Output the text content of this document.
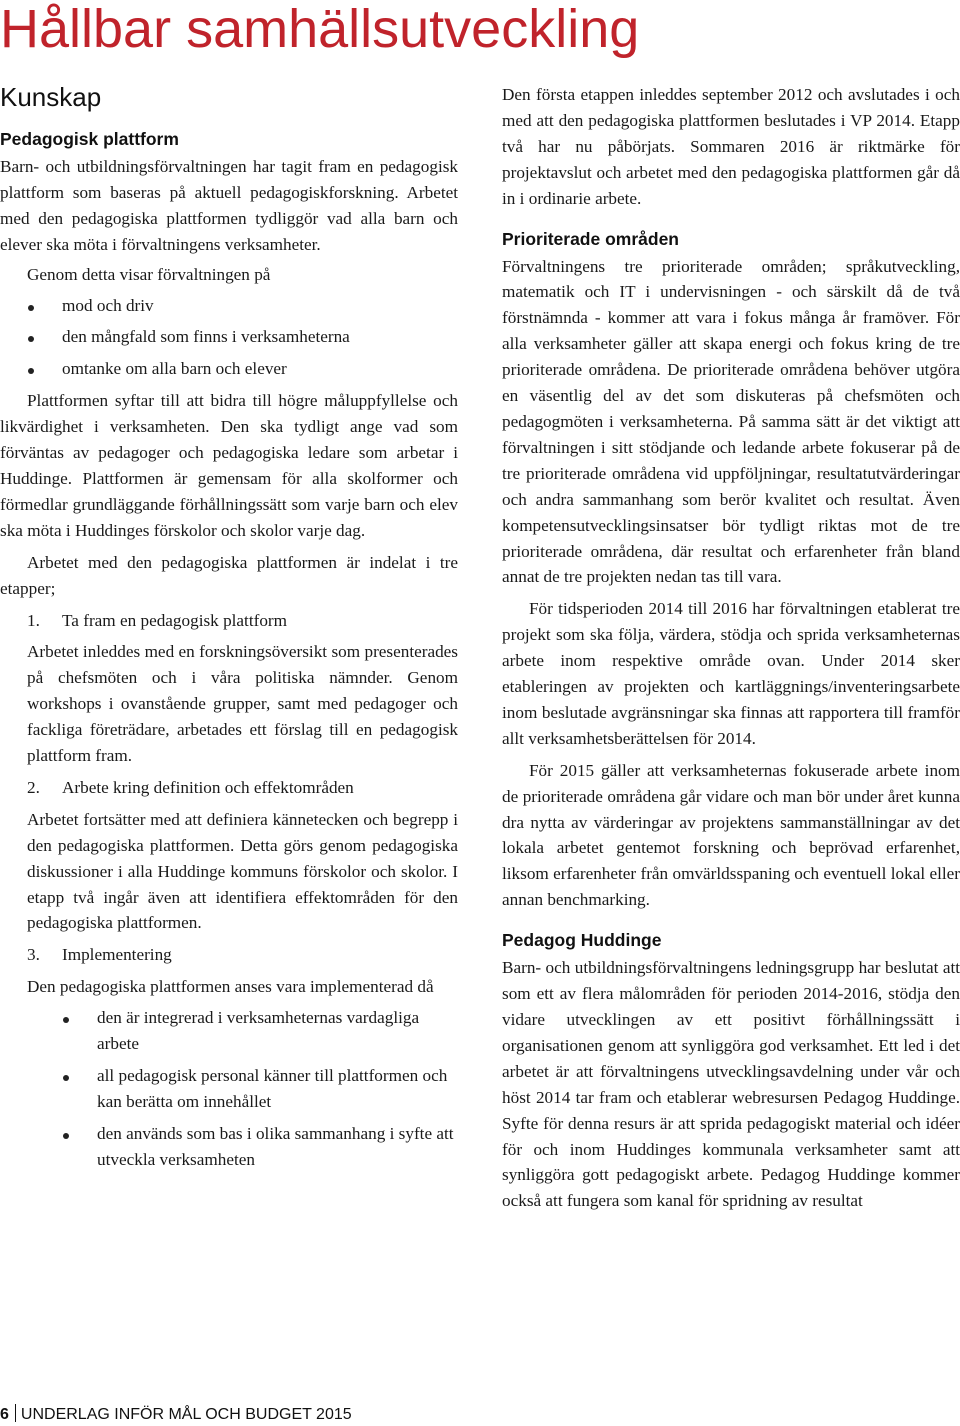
Hållbar samhällsutveckling
Kunskap
Pedagogisk plattform

Barn- och utbildningsförvaltningen har tagit fram en pedagogisk plattform som baseras på aktuell pedagogiskforskning. Arbetet med den pedagogiska plattformen tydliggör vad alla barn och elever ska möta i förvaltningens verksamheter.

Genom detta visar förvaltningen på

mod och driv
den mångfald som finns i verksamheterna
omtanke om alla barn och elever

Plattformen syftar till att bidra till högre måluppfyllelse och likvärdighet i verksamheten. Den ska tydligt ange vad som förväntas av pedagoger och pedagogiska ledare som arbetar i Huddinge. Plattformen är gemensam för alla skolformer och förmedlar grundläggande förhållningssätt som varje barn och elev ska möta i Huddinges förskolor och skolor varje dag.

Arbetet med den pedagogiska plattformen är indelat i tre etapper;

1. Ta fram en pedagogisk plattform

Arbetet inleddes med en forskningsöversikt som presenterades på chefsmöten och i våra politiska nämnder. Genom workshops i ovanstående grupper, samt med pedagoger och fackliga företrädare, arbetades ett förslag till en pedagogisk plattform fram.

2. Arbete kring definition och effektområden

Arbetet fortsätter med att definiera kännetecken och begrepp i den pedagogiska plattformen. Detta görs genom pedagogiska diskussioner i alla Huddinge kommuns förskolor och skolor. I etapp två ingår även att identifiera effektområden för den pedagogiska plattformen.

3. Implementering

Den pedagogiska plattformen anses vara implementerad då

den är integrerad i verksamheternas vardagliga arbete
all pedagogisk personal känner till plattformen och kan berätta om innehållet
den används som bas i olika sammanhang i syfte att utveckla verksamheten

Den första etappen inleddes september 2012 och avslutades i och med att den pedagogiska plattformen beslutades i VP 2014. Etapp två har nu påbörjats. Sommaren 2016 är riktmärke för projektavslut och arbetet med den pedagogiska plattformen går då in i ordinarie arbete.

Prioriterade områden

Förvaltningens tre prioriterade områden; språkutveckling, matematik och IT i undervisningen - och särskilt då de två förstnämnda - kommer att vara i fokus många år framöver. För alla verksamheter gäller att skapa energi och fokus kring de tre prioriterade områdena. De prioriterade områdena behöver utgöra en väsentlig del av det som diskuteras på chefsmöten och pedagogmöten i verksamheterna. På samma sätt är det viktigt att förvaltningen i sitt stödjande och ledande arbete fokuserar på de tre prioriterade områdena vid uppföljningar, resultatutvärderingar och andra sammanhang som berör kvalitet och resultat. Även kompetensutvecklingsinsatser bör tydligt riktas mot de tre prioriterade områdena, där resultat och erfarenheter från bland annat de tre projekten nedan tas till vara.

För tidsperioden 2014 till 2016 har förvaltningen etablerat tre projekt som ska följa, värdera, stödja och sprida verksamheternas arbete inom respektive område ovan. Under 2014 sker etableringen av projekten och kartläggnings/inventeringsarbete inom beslutade avgränsningar ska finnas att rapportera till framför allt verksamhetsberättelsen för 2014.

För 2015 gäller att verksamheternas fokuserade arbete inom de prioriterade områdena går vidare och man bör under året kunna dra nytta av värderingar av projektens sammanställningar av det lokala arbetet gentemot forskning och beprövad erfarenhet, liksom erfarenheter från omvärldsspaning och eventuell lokal eller annan benchmarking.

Pedagog Huddinge

Barn- och utbildningsförvaltningens ledningsgrupp har beslutat att som ett av flera målområden för perioden 2014-2016, stödja den vidare utvecklingen av ett positivt förhållningssätt i organisationen genom att synliggöra god verksamhet. Ett led i det arbetet är att förvaltningens utvecklingsavdelning under vår och höst 2014 tar fram och etablerar webresursen Pedagog Huddinge. Syfte för denna resurs är att sprida pedagogiskt material och idéer för och inom Huddinges kommunala verksamheter samt att synliggöra gott pedagogiskt arbete. Pedagog Huddinge kommer också att fungera som kanal för spridning av resultat

6 UNDERLAG INFÖR MÅL OCH BUDGET 2015
